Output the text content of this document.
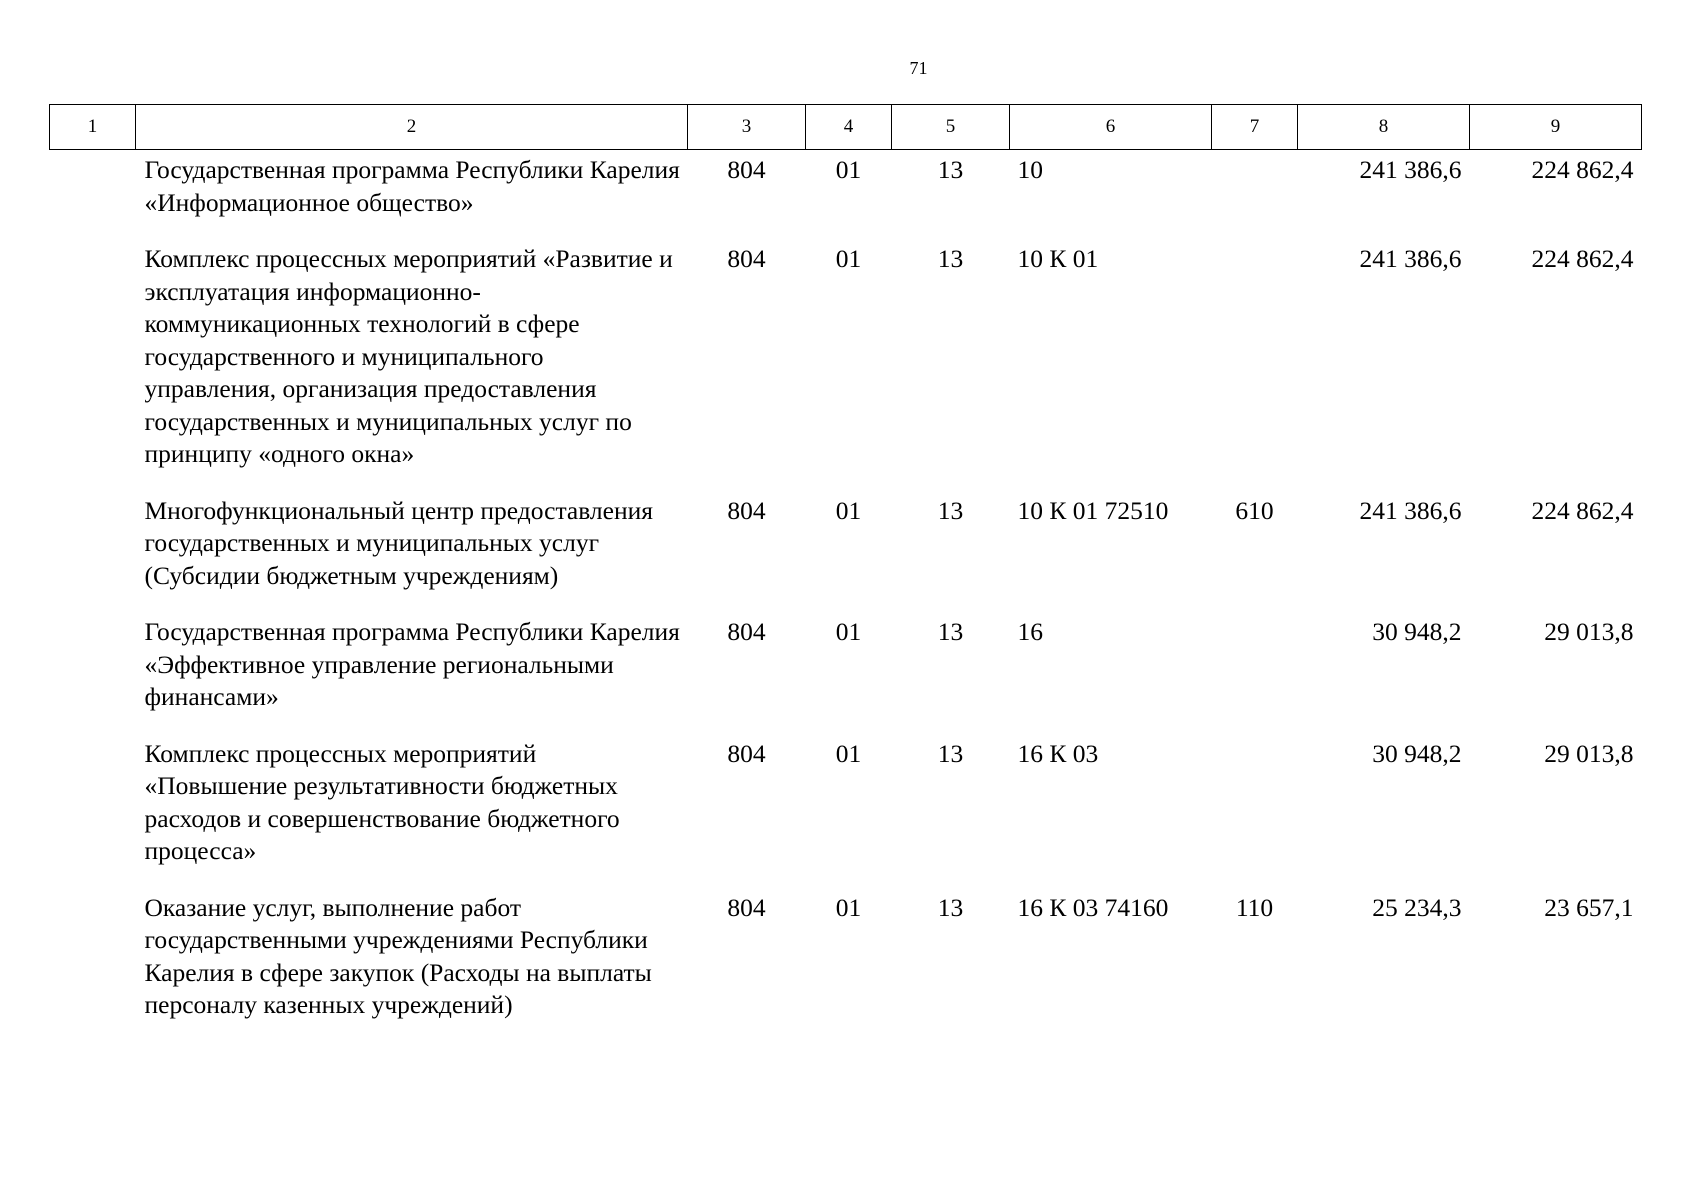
71
1	2	3	4	5	6	7	8	9
	Государственная программа Республики Карелия «Информационное общество»	804	01	13	10		241 386,6	224 862,4
	Комплекс процессных мероприятий «Развитие и эксплуатация информационно-коммуникационных технологий в сфере государственного и муниципального управления, организация предоставления государственных и муниципальных услуг по принципу «одного окна»	804	01	13	10 К 01		241 386,6	224 862,4
	Многофункциональный центр предоставления государственных и муниципальных услуг (Субсидии бюджетным учреждениям)	804	01	13	10 К 01 72510	610	241 386,6	224 862,4
	Государственная программа Республики Карелия «Эффективное управление региональными финансами»	804	01	13	16		30 948,2	29 013,8
	Комплекс процессных мероприятий «Повышение результативности бюджетных расходов и совершенствование бюджетного процесса»	804	01	13	16 К 03		30 948,2	29 013,8
	Оказание услуг, выполнение работ государственными учреждениями Республики Карелия в сфере закупок (Расходы на выплаты персоналу казенных учреждений)	804	01	13	16 К 03 74160	110	25 234,3	23 657,1
